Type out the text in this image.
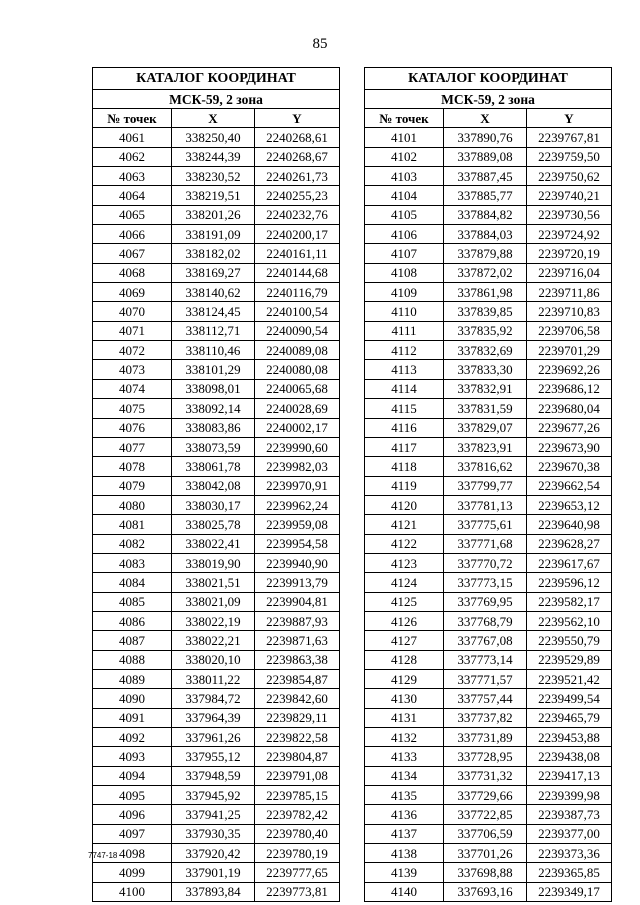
85
КАТАЛОГ КООРДИНАТ		
МСК-59, 2 зона		
№ точек	X	Y
4061	338250,40	2240268,61
4062	338244,39	2240268,67
4063	338230,52	2240261,73
4064	338219,51	2240255,23
4065	338201,26	2240232,76
4066	338191,09	2240200,17
4067	338182,02	2240161,11
4068	338169,27	2240144,68
4069	338140,62	2240116,79
4070	338124,45	2240100,54
4071	338112,71	2240090,54
4072	338110,46	2240089,08
4073	338101,29	2240080,08
4074	338098,01	2240065,68
4075	338092,14	2240028,69
4076	338083,86	2240002,17
4077	338073,59	2239990,60
4078	338061,78	2239982,03
4079	338042,08	2239970,91
4080	338030,17	2239962,24
4081	338025,78	2239959,08
4082	338022,41	2239954,58
4083	338019,90	2239940,90
4084	338021,51	2239913,79
4085	338021,09	2239904,81
4086	338022,19	2239887,93
4087	338022,21	2239871,63
4088	338020,10	2239863,38
4089	338011,22	2239854,87
4090	337984,72	2239842,60
4091	337964,39	2239829,11
4092	337961,26	2239822,58
4093	337955,12	2239804,87
4094	337948,59	2239791,08
4095	337945,92	2239785,15
4096	337941,25	2239782,42
4097	337930,35	2239780,40
4098	337920,42	2239780,19
4099	337901,19	2239777,65
4100	337893,84	2239773,81
КАТАЛОГ КООРДИНАТ		
МСК-59, 2 зона		
№ точек	X	Y
4101	337890,76	2239767,81
4102	337889,08	2239759,50
4103	337887,45	2239750,62
4104	337885,77	2239740,21
4105	337884,82	2239730,56
4106	337884,03	2239724,92
4107	337879,88	2239720,19
4108	337872,02	2239716,04
4109	337861,98	2239711,86
4110	337839,85	2239710,83
4111	337835,92	2239706,58
4112	337832,69	2239701,29
4113	337833,30	2239692,26
4114	337832,91	2239686,12
4115	337831,59	2239680,04
4116	337829,07	2239677,26
4117	337823,91	2239673,90
4118	337816,62	2239670,38
4119	337799,77	2239662,54
4120	337781,13	2239653,12
4121	337775,61	2239640,98
4122	337771,68	2239628,27
4123	337770,72	2239617,67
4124	337773,15	2239596,12
4125	337769,95	2239582,17
4126	337768,79	2239562,10
4127	337767,08	2239550,79
4128	337773,14	2239529,89
4129	337771,57	2239521,42
4130	337757,44	2239499,54
4131	337737,82	2239465,79
4132	337731,89	2239453,88
4133	337728,95	2239438,08
4134	337731,32	2239417,13
4135	337729,66	2239399,98
4136	337722,85	2239387,73
4137	337706,59	2239377,00
4138	337701,26	2239373,36
4139	337698,88	2239365,85
4140	337693,16	2239349,17
7747-18
